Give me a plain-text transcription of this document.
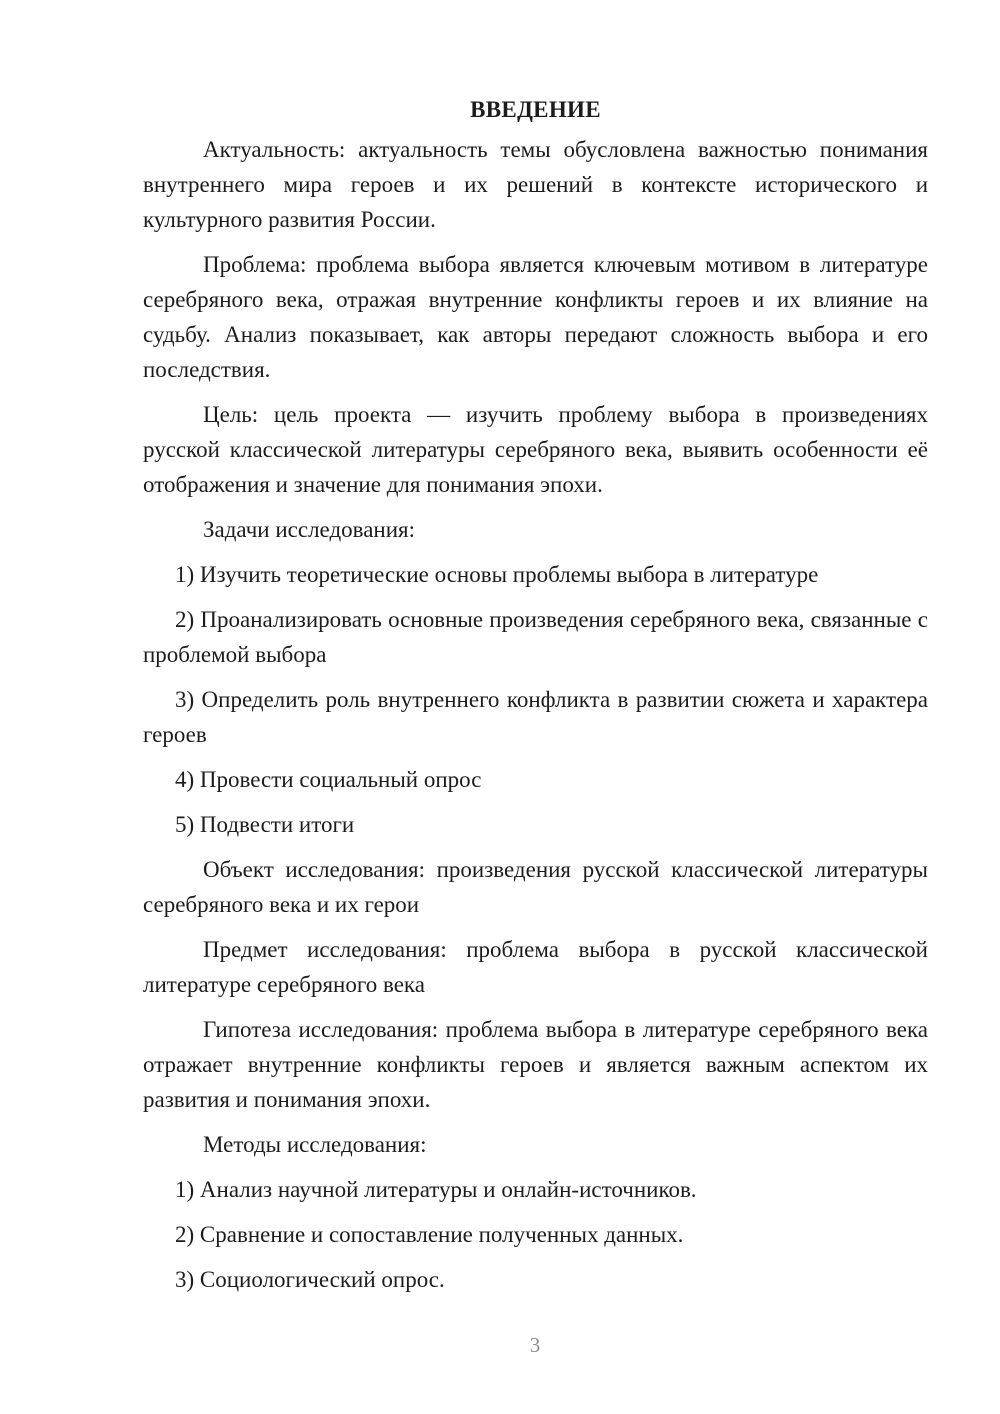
ВВЕДЕНИЕ

Актуальность: актуальность темы обусловлена важностью понимания внутреннего мира героев и их решений в контексте исторического и культурного развития России.

Проблема: проблема выбора является ключевым мотивом в литературе серебряного века, отражая внутренние конфликты героев и их влияние на судьбу. Анализ показывает, как авторы передают сложность выбора и его последствия.

Цель: цель проекта — изучить проблему выбора в произведениях русской классической литературы серебряного века, выявить особенности её отображения и значение для понимания эпохи.

Задачи исследования:

1) Изучить теоретические основы проблемы выбора в литературе

2) Проанализировать основные произведения серебряного века, связанные с проблемой выбора

3) Определить роль внутреннего конфликта в развитии сюжета и характера героев

4) Провести социальный опрос

5) Подвести итоги

Объект исследования: произведения русской классической литературы серебряного века и их герои

Предмет исследования: проблема выбора в русской классической литературе серебряного века

Гипотеза исследования: проблема выбора в литературе серебряного века отражает внутренние конфликты героев и является важным аспектом их развития и понимания эпохи.

Методы исследования:

1) Анализ научной литературы и онлайн-источников.

2) Сравнение и сопоставление полученных данных.

3) Социологический опрос.

3
